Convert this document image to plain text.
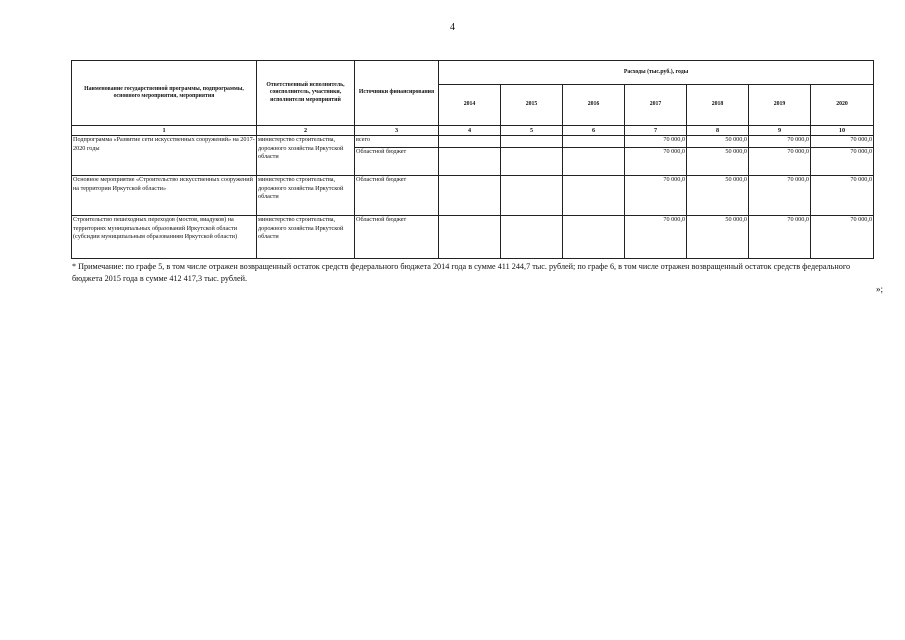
4
Наименование государственной программы, подпрограммы, основного мероприятия, мероприятия	Ответственный исполнитель, соисполнитель, участники, исполнители мероприятий	Источники финансирования	Расходы (тыс.руб.), годы						
			2014	2015	2016	2017	2018	2019	2020
1	2	3	4	5	6	7	8	9	10
Подпрограмма «Развитие сети искусственных сооружений» на 2017-2020 годы	министерство строительства, дорожного хозяйства Иркутской области	всего				70 000,0	50 000,0	70 000,0	70 000,0
		Областной бюджет				70 000,0	50 000,0	70 000,0	70 000,0
Основное мероприятие «Строительство искусственных сооружений на территории Иркутской области»	министерство строительства, дорожного хозяйства Иркутской области	Областной бюджет				70 000,0	50 000,0	70 000,0	70 000,0
Строительство пешеходных переходов (мостов, виадуков) на территориях муниципальных образований Иркутской области (субсидии муниципальным образованиям Иркутской области)	министерство строительства, дорожного хозяйства Иркутской области	Областной бюджет				70 000,0	50 000,0	70 000,0	70 000,0
* Примечание: по графе 5, в том числе отражен возвращенный остаток средств федерального бюджета 2014 года в сумме 411 244,7 тыс. рублей; по графе 6, в том числе отражен возвращенный остаток средств федерального бюджета 2015 года в сумме 412 417,3 тыс. рублей.
»;
